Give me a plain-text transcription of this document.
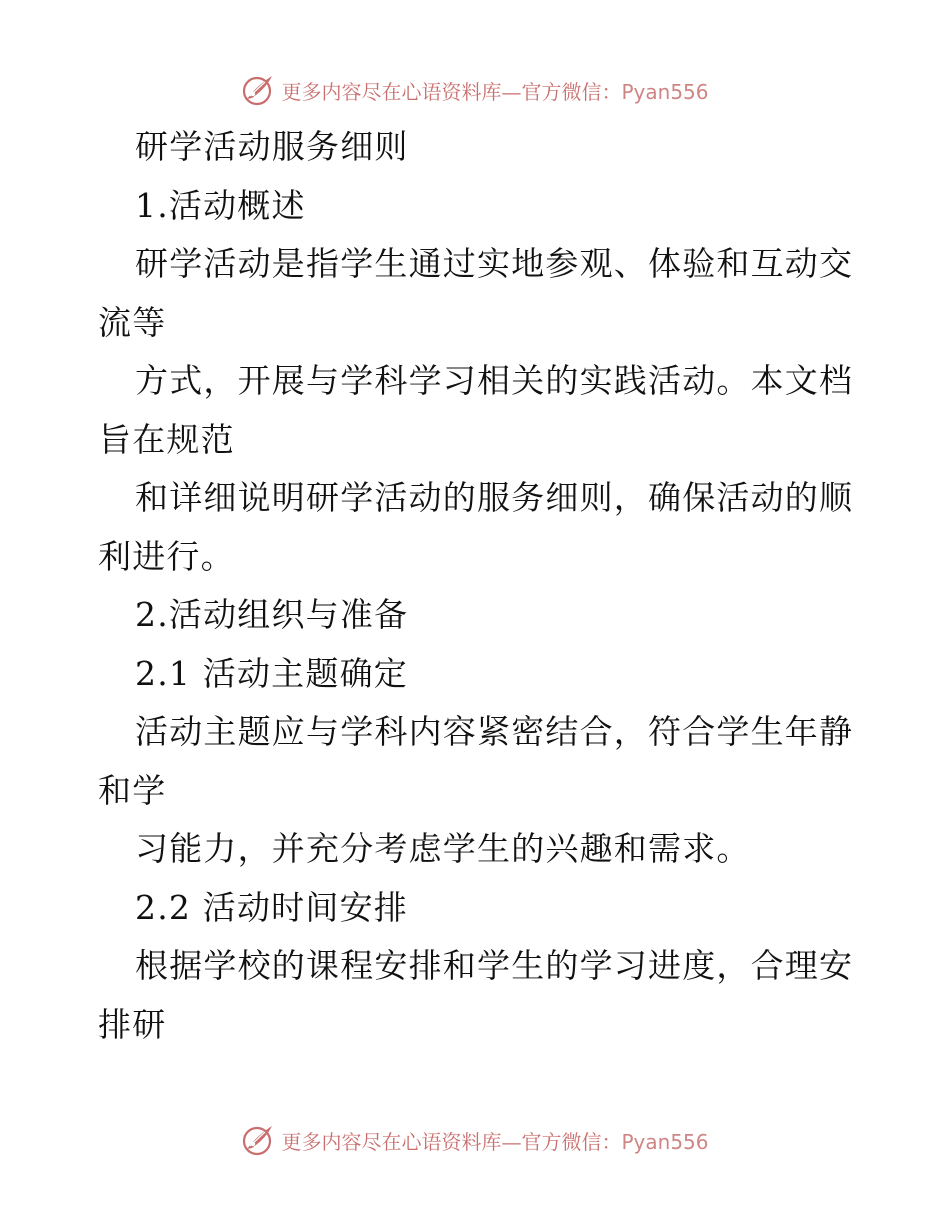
更多内容尽在心语资料库—官方微信：Pyan556
研学活动服务细则
1.活动概述
研学活动是指学生通过实地参观、体验和互动交
流等
方式，开展与学科学习相关的实践活动。本文档
旨在规范
和详细说明研学活动的服务细则，确保活动的顺
利进行。
2.活动组织与准备
2.1 活动主题确定
活动主题应与学科内容紧密结合，符合学生年静
和学
习能力，并充分考虑学生的兴趣和需求。
2.2 活动时间安排
根据学校的课程安排和学生的学习进度，合理安
排研
更多内容尽在心语资料库—官方微信：Pyan556
